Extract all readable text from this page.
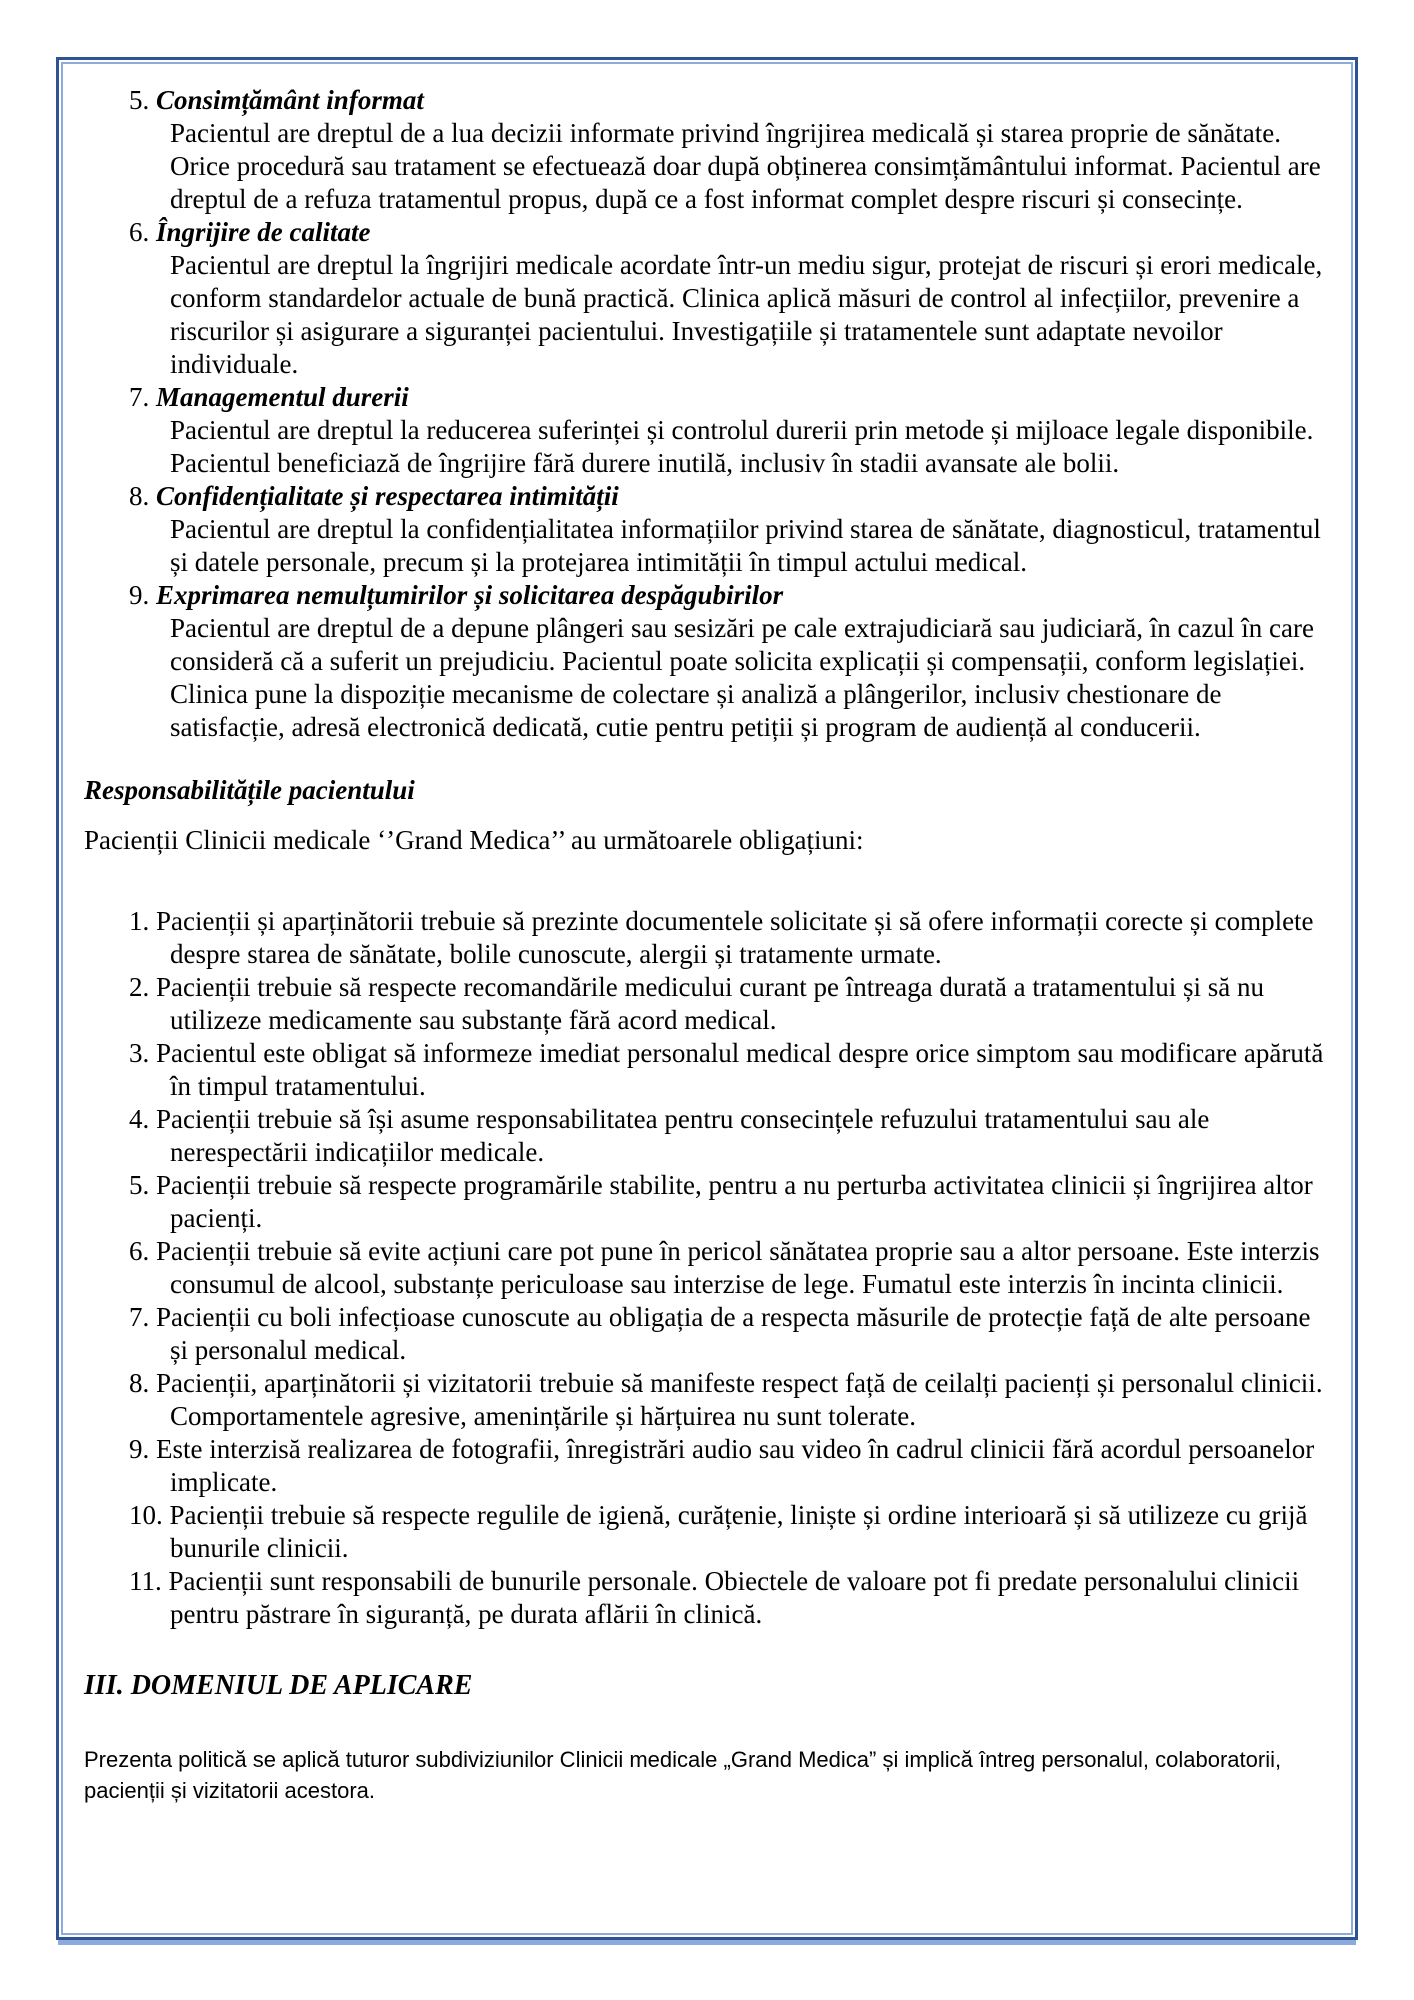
5. Consimțământ informat
Pacientul are dreptul de a lua decizii informate privind îngrijirea medicală și starea proprie de sănătate. Orice procedură sau tratament se efectuează doar după obținerea consimțământului informat. Pacientul are dreptul de a refuza tratamentul propus, după ce a fost informat complet despre riscuri și consecințe.
6. Îngrijire de calitate
Pacientul are dreptul la îngrijiri medicale acordate într-un mediu sigur, protejat de riscuri și erori medicale, conform standardelor actuale de bună practică. Clinica aplică măsuri de control al infecțiilor, prevenire a riscurilor și asigurare a siguranței pacientului. Investigațiile și tratamentele sunt adaptate nevoilor individuale.
7. Managementul durerii
Pacientul are dreptul la reducerea suferinței și controlul durerii prin metode și mijloace legale disponibile. Pacientul beneficiază de îngrijire fără durere inutilă, inclusiv în stadii avansate ale bolii.
8. Confidențialitate și respectarea intimității
Pacientul are dreptul la confidențialitatea informațiilor privind starea de sănătate, diagnosticul, tratamentul și datele personale, precum și la protejarea intimității în timpul actului medical.
9. Exprimarea nemulțumirilor și solicitarea despăgubirilor
Pacientul are dreptul de a depune plângeri sau sesizări pe cale extrajudiciară sau judiciară, în cazul în care consideră că a suferit un prejudiciu. Pacientul poate solicita explicații și compensații, conform legislației. Clinica pune la dispoziție mecanisme de colectare și analiză a plângerilor, inclusiv chestionare de satisfacție, adresă electronică dedicată, cutie pentru petiții și program de audiență al conducerii.
Responsabilitățile pacientului
Pacienții Clinicii medicale ‘’Grand Medica’’ au următoarele obligațiuni:
1. Pacienții și aparținătorii trebuie să prezinte documentele solicitate și să ofere informații corecte și complete despre starea de sănătate, bolile cunoscute, alergii și tratamente urmate.
2. Pacienții trebuie să respecte recomandările medicului curant pe întreaga durată a tratamentului și să nu utilizeze medicamente sau substanțe fără acord medical.
3. Pacientul este obligat să informeze imediat personalul medical despre orice simptom sau modificare apărută în timpul tratamentului.
4. Pacienții trebuie să își asume responsabilitatea pentru consecințele refuzului tratamentului sau ale nerespectării indicațiilor medicale.
5. Pacienții trebuie să respecte programările stabilite, pentru a nu perturba activitatea clinicii și îngrijirea altor pacienți.
6. Pacienții trebuie să evite acțiuni care pot pune în pericol sănătatea proprie sau a altor persoane. Este interzis consumul de alcool, substanțe periculoase sau interzise de lege. Fumatul este interzis în incinta clinicii.
7. Pacienții cu boli infecțioase cunoscute au obligația de a respecta măsurile de protecție față de alte persoane și personalul medical.
8. Pacienții, aparținătorii și vizitatorii trebuie să manifeste respect față de ceilalți pacienți și personalul clinicii. Comportamentele agresive, amenințările și hărțuirea nu sunt tolerate.
9. Este interzisă realizarea de fotografii, înregistrări audio sau video în cadrul clinicii fără acordul persoanelor implicate.
10. Pacienții trebuie să respecte regulile de igienă, curățenie, liniște și ordine interioară și să utilizeze cu grijă bunurile clinicii.
11. Pacienții sunt responsabili de bunurile personale. Obiectele de valoare pot fi predate personalului clinicii pentru păstrare în siguranță, pe durata aflării în clinică.
III. DOMENIUL DE APLICARE
Prezenta politică se aplică tuturor subdiviziunilor Clinicii medicale „Grand Medica” și implică întreg personalul, colaboratorii, pacienții și vizitatorii acestora.
